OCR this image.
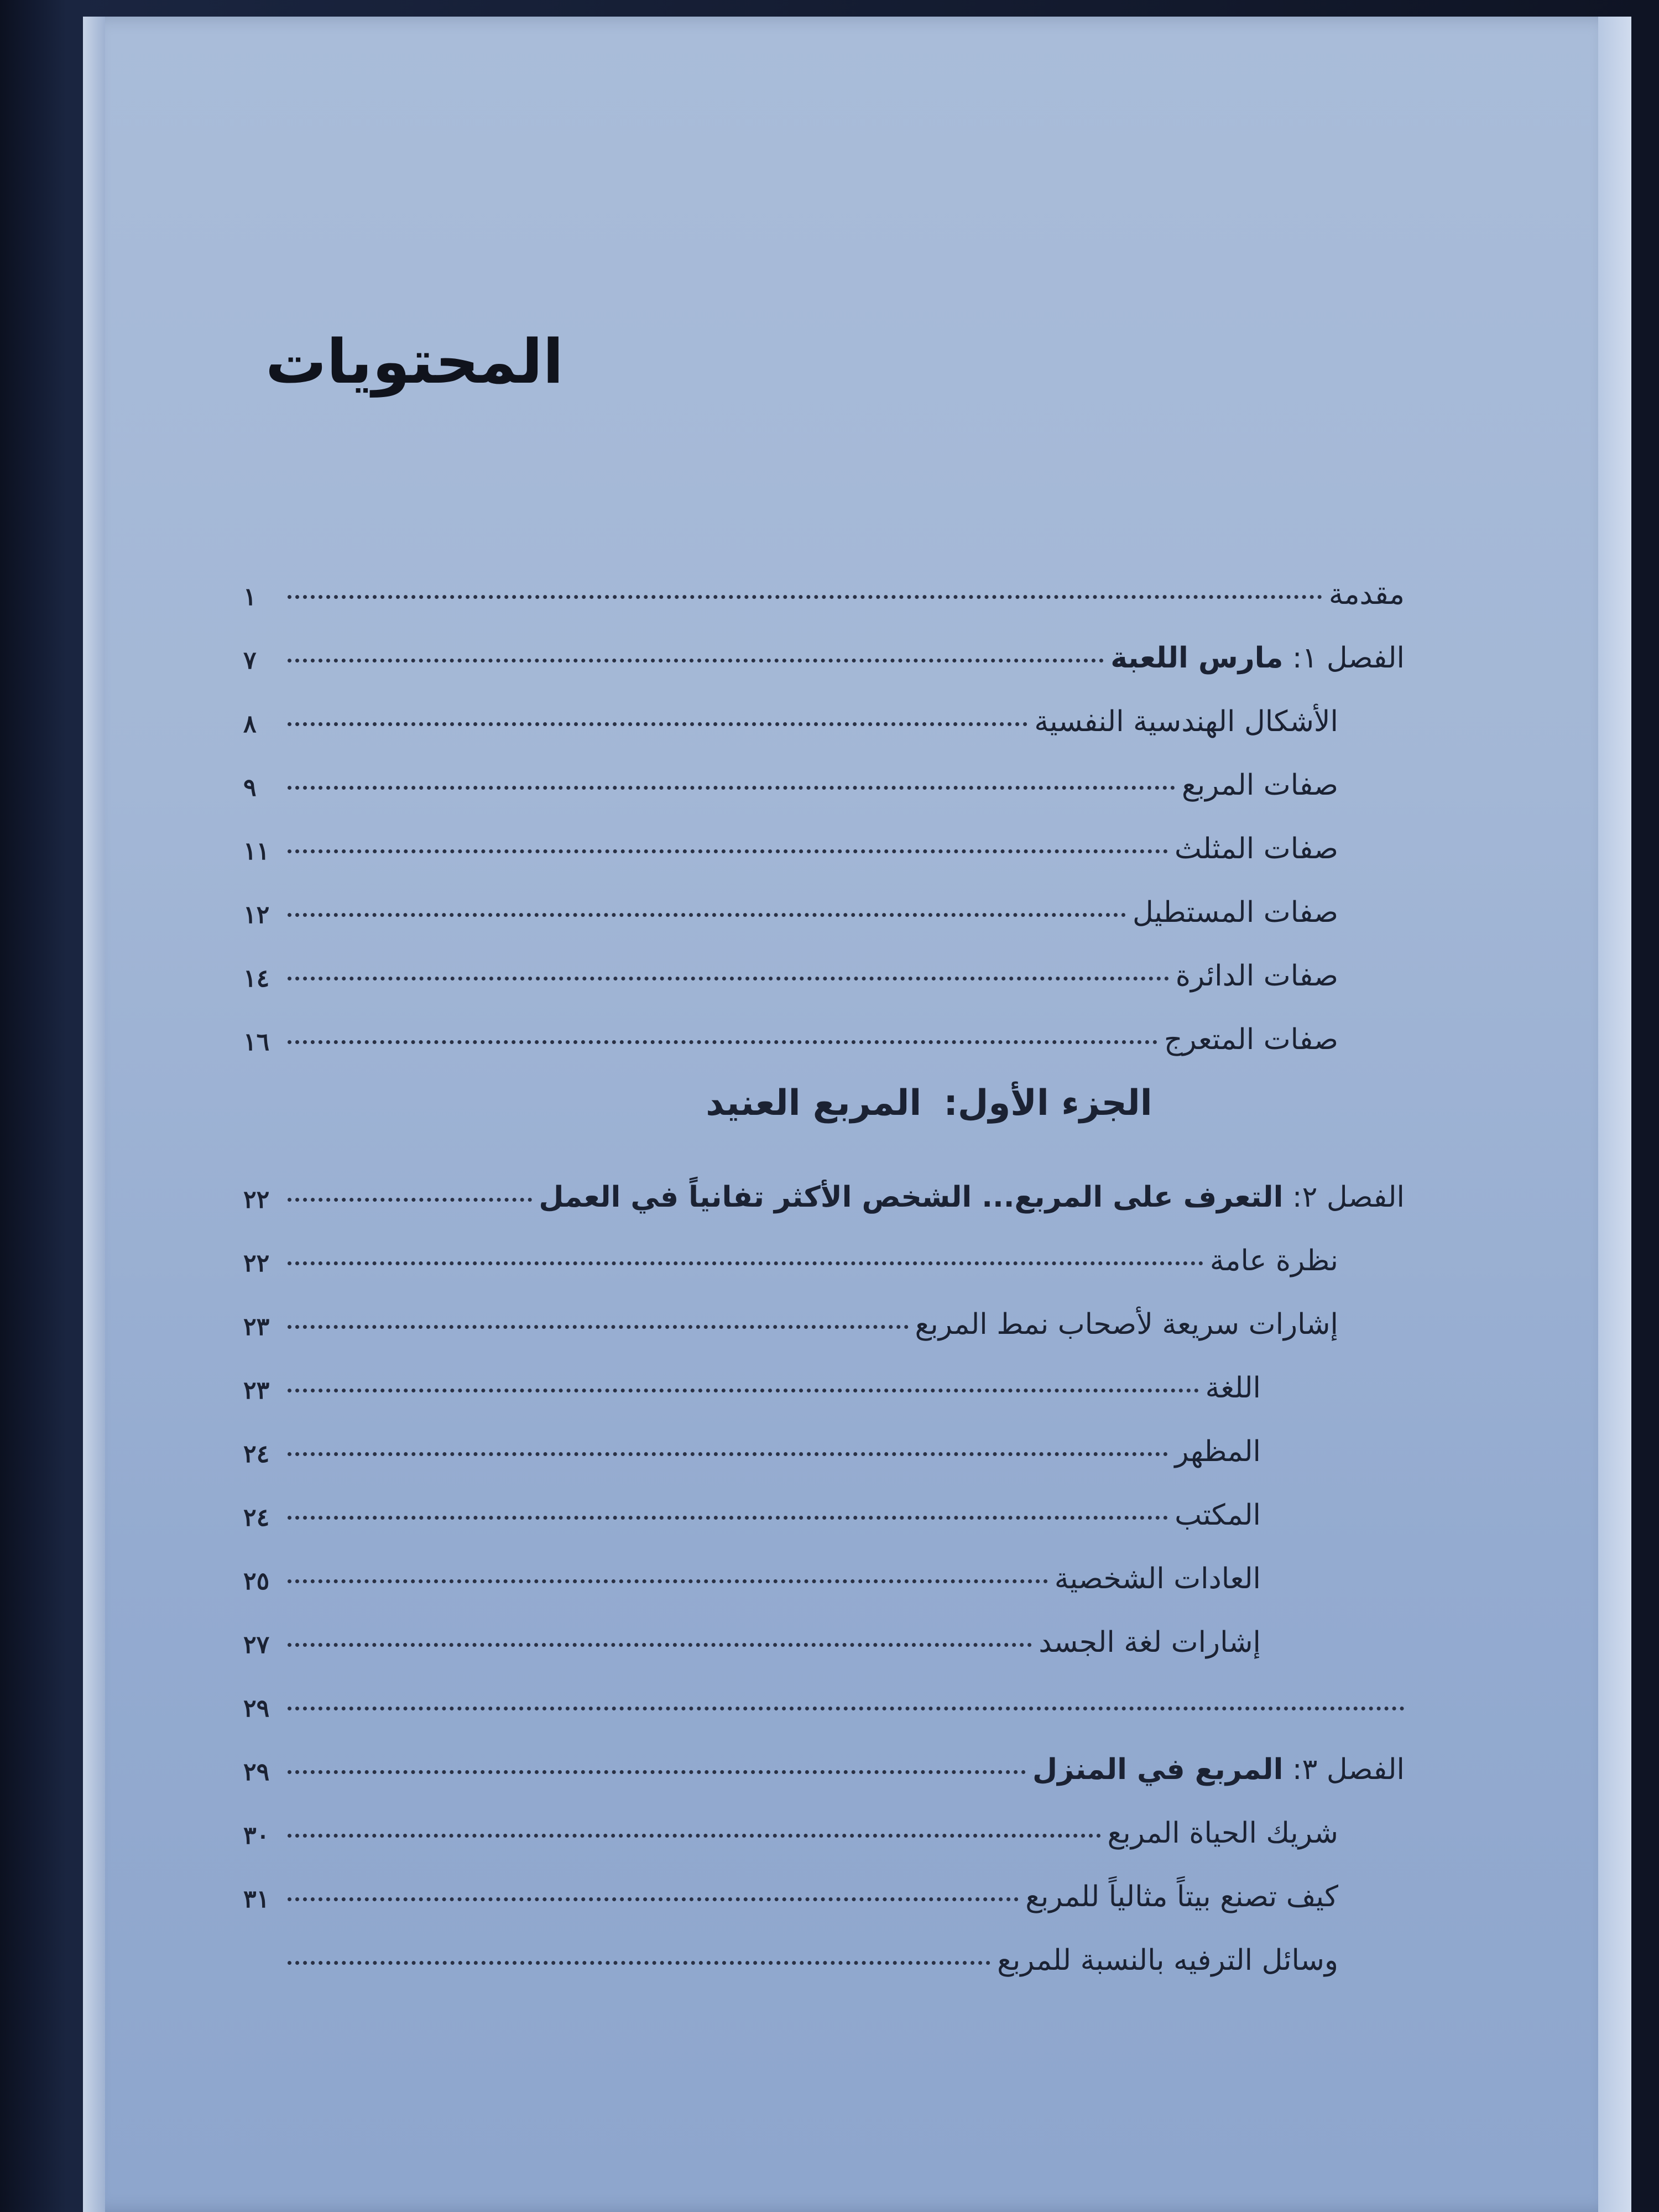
المحتويات
مقدمة
١
الفصل ١: مارس اللعبة
٧
الأشكال الهندسية النفسية
٨
صفات المربع
٩
صفات المثلث
١١
صفات المستطيل
١٢
صفات الدائرة
١٤
صفات المتعرج
١٦
الجزء الأول:
المربع العنيد
الفصل ٢: التعرف على المربع... الشخص الأكثر تفانياً في العمل
٢٢
نظرة عامة
٢٢
إشارات سريعة لأصحاب نمط المربع
٢٣
اللغة
٢٣
المظهر
٢٤
المكتب
٢٤
العادات الشخصية
٢٥
إشارات لغة الجسد
٢٧
٢٩
الفصل ٣: المربع في المنزل
٢٩
شريك الحياة المربع
٣٠
كيف تصنع بيتاً مثالياً للمربع
٣١
وسائل الترفيه بالنسبة للمربع
